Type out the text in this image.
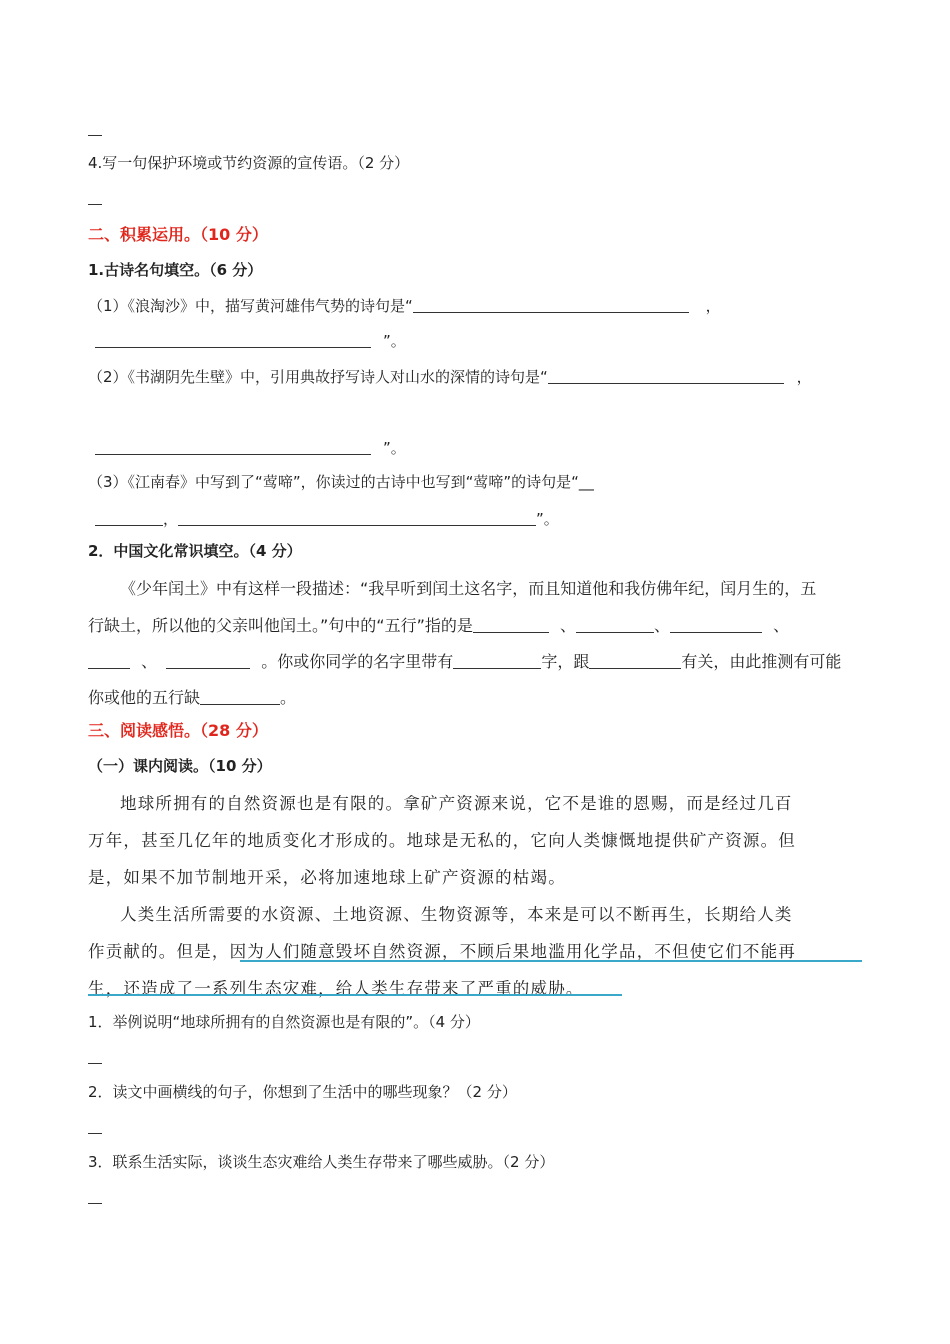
4.写一句保护环境或节约资源的宣传语。（2 分）
二、积累运用。（10 分）
1.古诗名句填空。（6 分）
（1）《浪淘沙》中，描写黄河雄伟气势的诗句是“	，
”。
（2）《书湖阴先生壁》中，引用典故抒写诗人对山水的深情的诗句是“	，
”。
（3）《江南春》中写到了“莺啼”，你读过的古诗中也写到“莺啼”的诗句是“__
，	”。
2．中国文化常识填空。（4 分）
《少年闰土》中有这样一段描述：“我早听到闰土这名字，而且知道他和我仿佛年纪，闰月生的，五
行缺土，所以他的父亲叫他闰土。”句中的“五行”指的是	、	、	、
、	。你或你同学的名字里带有	字，跟	有关，由此推测有可能
你或他的五行缺	。
三、阅读感悟。（28 分）
（一）课内阅读。（10 分）
地球所拥有的自然资源也是有限的。拿矿产资源来说，它不是谁的恩赐，而是经过几百
万年，甚至几亿年的地质变化才形成的。地球是无私的，它向人类慷慨地提供矿产资源。但
是，如果不加节制地开采，必将加速地球上矿产资源的枯竭。
人类生活所需要的水资源、土地资源、生物资源等，本来是可以不断再生，长期给人类
作贡献的。但是，因为人们随意毁坏自然资源，不顾后果地滥用化学品，不但使它们不能再
生，还造成了一系列生态灾难，给人类生存带来了严重的威胁。
1．举例说明“地球所拥有的自然资源也是有限的”。（4 分）
2．读文中画横线的句子，你想到了生活中的哪些现象？（2 分）
3．联系生活实际，谈谈生态灾难给人类生存带来了哪些威胁。（2 分）
